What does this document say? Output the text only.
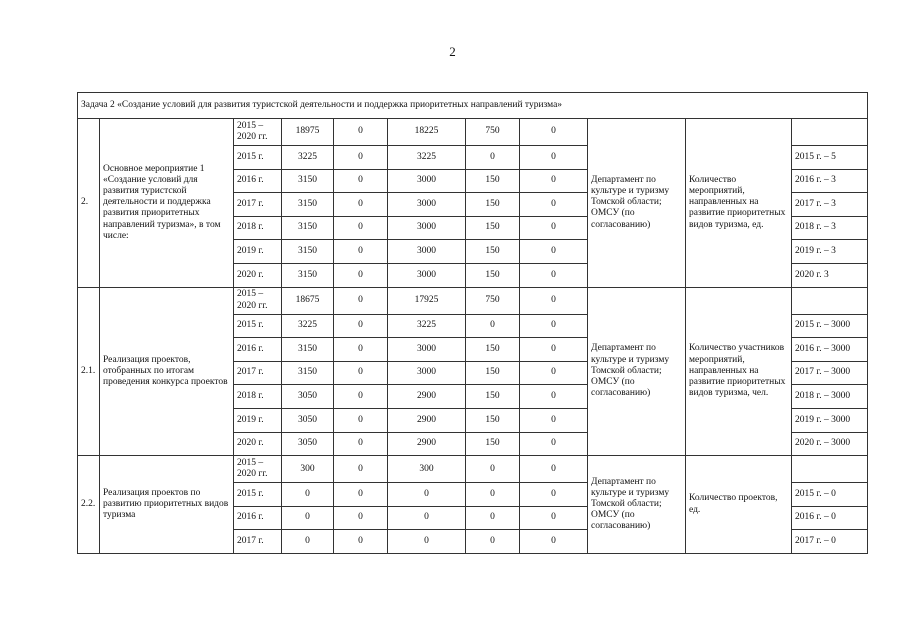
2
Задача 2 «Создание условий для развития туристской деятельности и поддержка приоритетных направлений туризма»										
2.	Основное мероприятие 1 «Создание условий для развития туристской деятельности и поддержка развития приоритетных направлений туризма», в том числе:	2015 – 2020 гг.	18975	0	18225	750	0	Департамент по культуре и туризму Томской области; ОМСУ (по согласованию)	Количество мероприятий, направленных на развитие приоритетных видов туризма, ед.	
		2015 г.	3225	0	3225	0	0			2015 г. – 5
		2016 г.	3150	0	3000	150	0			2016 г. – 3
		2017 г.	3150	0	3000	150	0			2017 г. – 3
		2018 г.	3150	0	3000	150	0			2018 г. – 3
		2019 г.	3150	0	3000	150	0			2019 г. – 3
		2020 г.	3150	0	3000	150	0			2020 г. 3
2.1.	Реализация проектов, отобранных по итогам проведения конкурса проектов	2015 – 2020 гг.	18675	0	17925	750	0	Департамент по культуре и туризму Томской области; ОМСУ (по согласованию)	Количество участников мероприятий, направленных на развитие приоритетных видов туризма, чел.	
		2015 г.	3225	0	3225	0	0			2015 г. – 3000
		2016 г.	3150	0	3000	150	0			2016 г. – 3000
		2017 г.	3150	0	3000	150	0			2017 г. – 3000
		2018 г.	3050	0	2900	150	0			2018 г. – 3000
		2019 г.	3050	0	2900	150	0			2019 г. – 3000
		2020 г.	3050	0	2900	150	0			2020 г. – 3000
2.2.	Реализация проектов по развитию приоритетных видов туризма	2015 – 2020 гг.	300	0	300	0	0	Департамент по культуре и туризму Томской области; ОМСУ (по согласованию)	Количество проектов, ед.	
		2015 г.	0	0	0	0	0			2015 г. – 0
		2016 г.	0	0	0	0	0			2016 г. – 0
		2017 г.	0	0	0	0	0			2017 г. – 0
